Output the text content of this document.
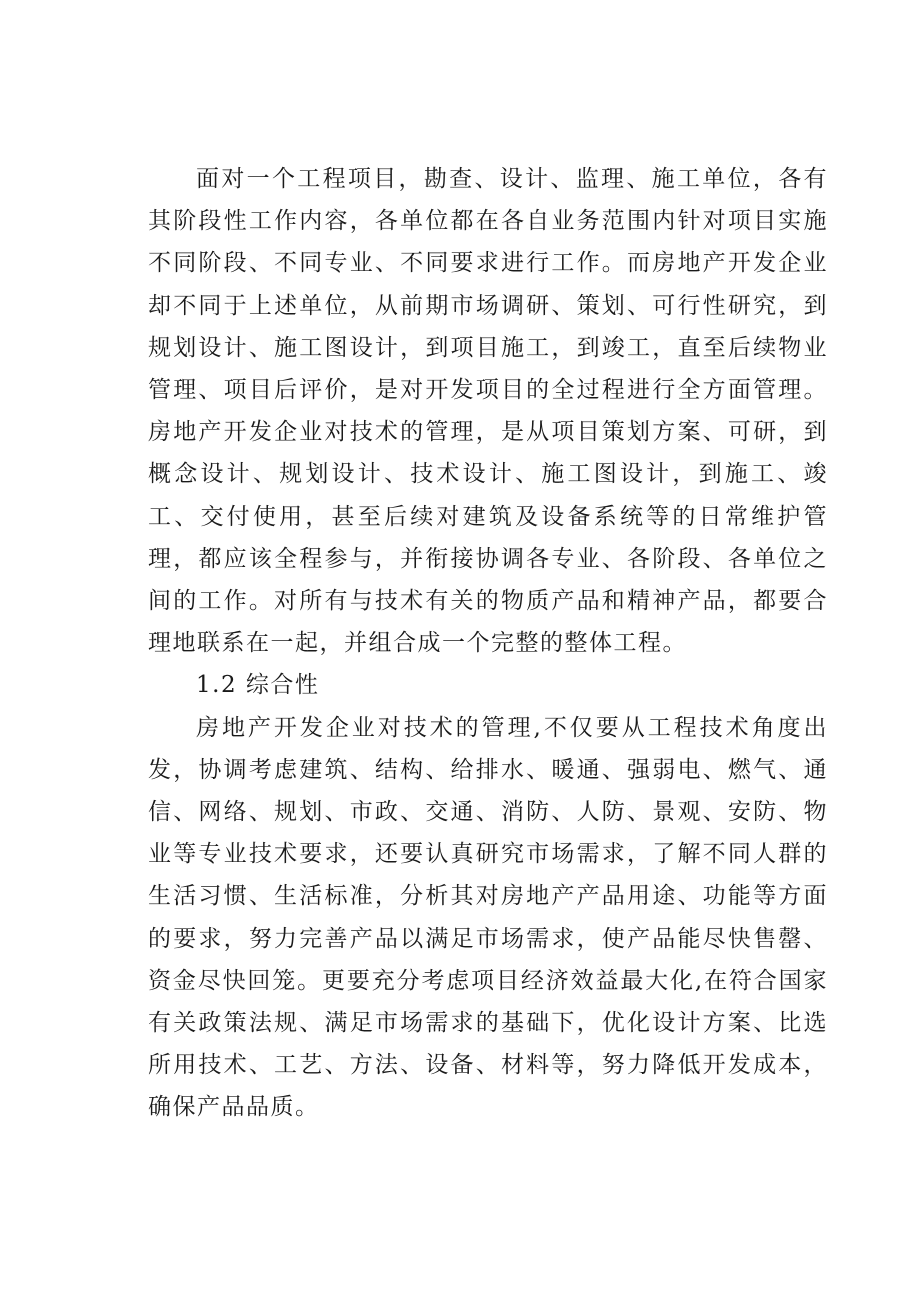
面对一个工程项目，勘查、设计、监理、施工单位，各有其阶段性工作内容，各单位都在各自业务范围内针对项目实施不同阶段、不同专业、不同要求进行工作。而房地产开发企业却不同于上述单位，从前期市场调研、策划、可行性研究，到规划设计、施工图设计，到项目施工，到竣工，直至后续物业管理、项目后评价，是对开发项目的全过程进行全方面管理。房地产开发企业对技术的管理，是从项目策划方案、可研，到概念设计、规划设计、技术设计、施工图设计，到施工、竣工、交付使用，甚至后续对建筑及设备系统等的日常维护管理，都应该全程参与，并衔接协调各专业、各阶段、各单位之间的工作。对所有与技术有关的物质产品和精神产品，都要合理地联系在一起，并组合成一个完整的整体工程。

1.2 综合性

房地产开发企业对技术的管理,不仅要从工程技术角度出发，协调考虑建筑、结构、给排水、暖通、强弱电、燃气、通信、网络、规划、市政、交通、消防、人防、景观、安防、物业等专业技术要求，还要认真研究市场需求，了解不同人群的生活习惯、生活标准，分析其对房地产产品用途、功能等方面的要求，努力完善产品以满足市场需求，使产品能尽快售罄、资金尽快回笼。更要充分考虑项目经济效益最大化,在符合国家有关政策法规、满足市场需求的基础下，优化设计方案、比选所用技术、工艺、方法、设备、材料等，努力降低开发成本，确保产品品质。
